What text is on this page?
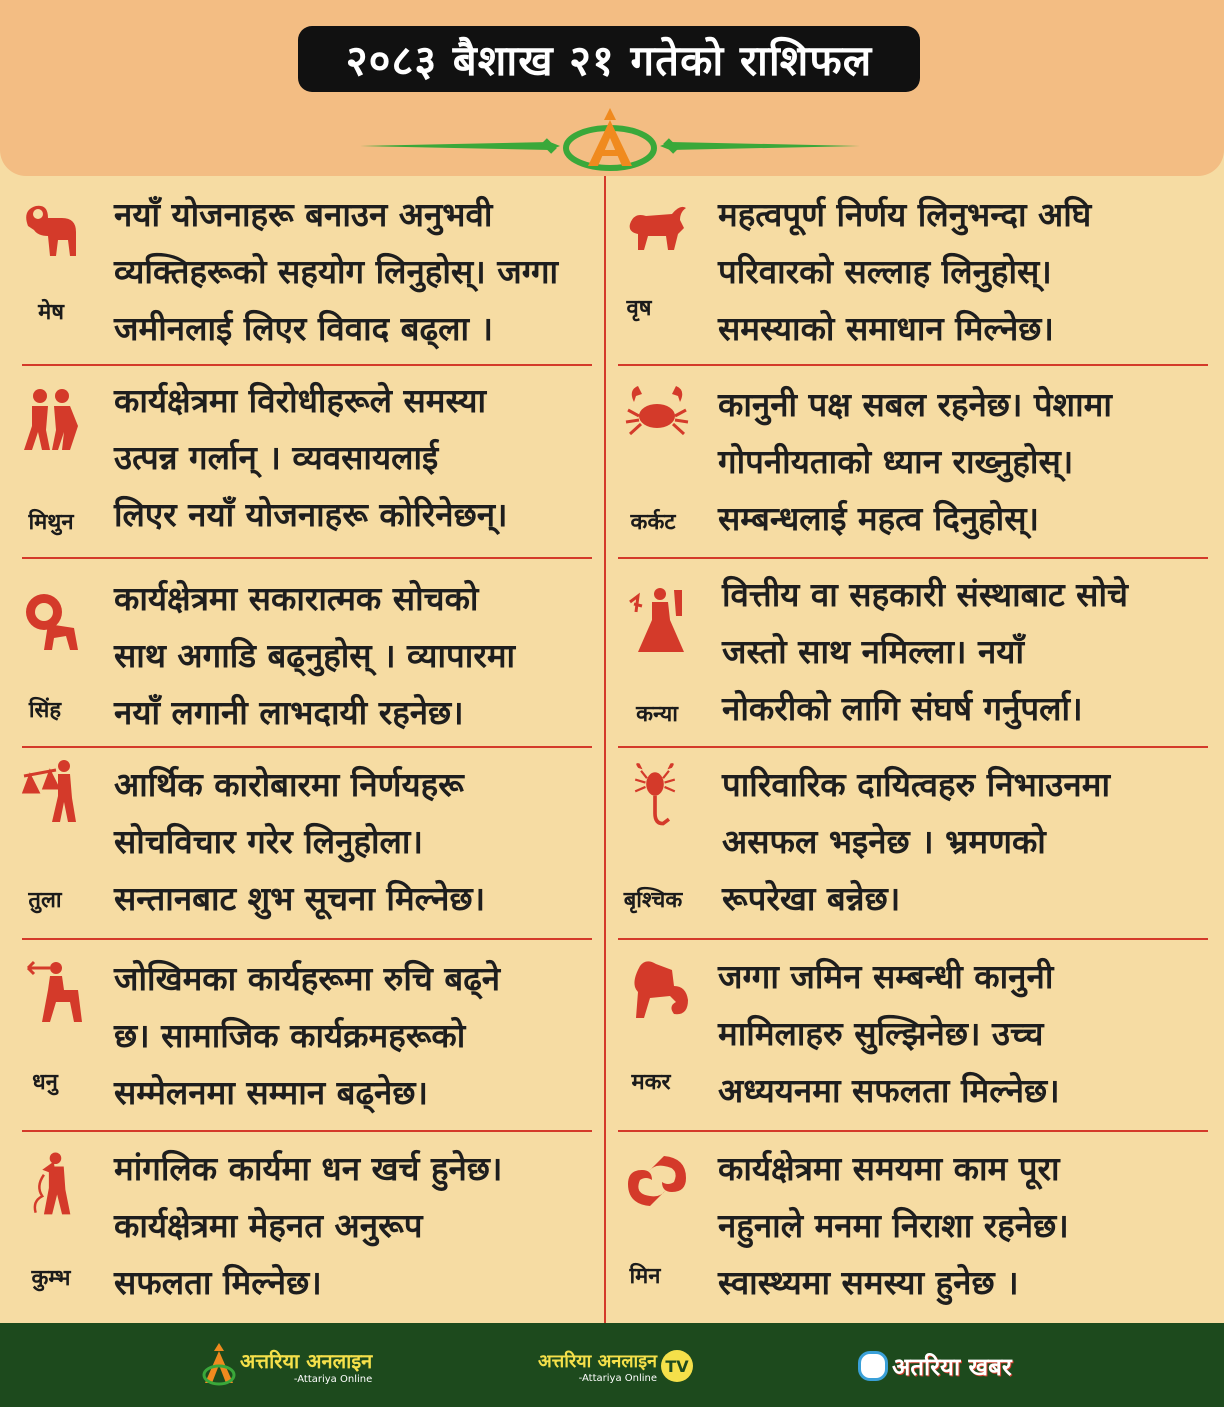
२०८३ बैशाख २१ गतेको राशिफल
मेष
नयाँ योजनाहरू बनाउन अनुभवी
व्यक्तिहरूको सहयोग लिनुहोस्। जग्गा
जमीनलाई लिएर विवाद बढ्ला ।
वृष
महत्वपूर्ण निर्णय लिनुभन्दा अघि
परिवारको सल्लाह लिनुहोस्।
समस्याको समाधान मिल्नेछ।
मिथुन
कार्यक्षेत्रमा विरोधीहरूले समस्या
उत्पन्न गर्लान् । व्यवसायलाई
लिएर नयाँ योजनाहरू कोरिनेछन्।	कर्कट
कानुनी पक्ष सबल रहनेछ। पेशामा
गोपनीयताको ध्यान राख्नुहोस्।
सम्बन्धलाई महत्व दिनुहोस्।
सिंह
कार्यक्षेत्रमा सकारात्मक सोचको
साथ अगाडि बढ्नुहोस् । व्यापारमा
नयाँ लगानी लाभदायी रहनेछ।	कन्या
वित्तीय वा सहकारी संस्थाबाट सोचे
जस्तो साथ नमिल्ला। नयाँ
नोकरीको लागि संघर्ष गर्नुपर्ला।
तुला
आर्थिक कारोबारमा निर्णयहरू
सोचविचार गरेर लिनुहोला।
सन्तानबाट शुभ सूचना मिल्नेछ।	बृश्चिक
पारिवारिक दायित्वहरु निभाउनमा
असफल भइनेछ । भ्रमणको
रूपरेखा बन्नेछ।
धनु
जोखिमका कार्यहरूमा रुचि बढ्ने
छ। सामाजिक कार्यक्रमहरूको
सम्मेलनमा सम्मान बढ्नेछ।	मकर
जग्गा जमिन सम्बन्धी कानुनी
मामिलाहरु सुल्झिनेछ। उच्च
अध्ययनमा सफलता मिल्नेछ।
कुम्भ
मांगलिक कार्यमा धन खर्च हुनेछ।
कार्यक्षेत्रमा मेहनत अनुरूप
सफलता मिल्नेछ।	मिन
कार्यक्षेत्रमा समयमा काम पूरा
नहुनाले मनमा निराशा रहनेछ।
स्वास्थ्यमा समस्या हुनेछ ।
अत्तरिया अनलाइन
-Attariya Online
अत्तरिया अनलाइन
-Attariya Online
TV	अतरिया खबर
